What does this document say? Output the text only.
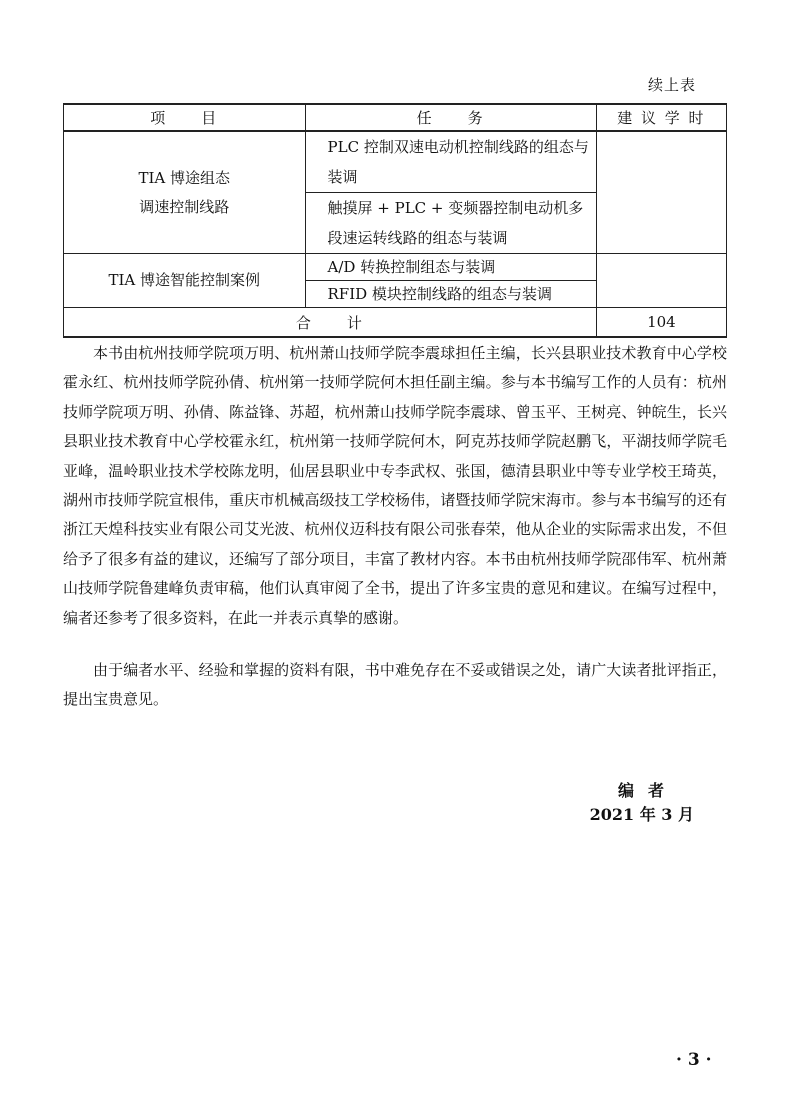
续上表
项　　目	任　　务	建 议 学 时

TIA 博途组态
调速控制线路	PLC 控制双速电动机控制线路的组态与装调	
	触摸屏 + PLC + 变频器控制电动机多段速运转线路的组态与装调	
TIA 博途智能控制案例	A/D 转换控制组态与装调	
	RFID 模块控制线路的组态与装调	
合　　计		104

本书由杭州技师学院项万明、杭州萧山技师学院李震球担任主编，长兴县职业技术教育中心学校霍永红、杭州技师学院孙倩、杭州第一技师学院何木担任副主编。参与本书编写工作的人员有：杭州技师学院项万明、孙倩、陈益锋、苏超，杭州萧山技师学院李震球、曾玉平、王树亮、钟皖生，长兴县职业技术教育中心学校霍永红，杭州第一技师学院何木，阿克苏技师学院赵鹏飞，平湖技师学院毛亚峰，温岭职业技术学校陈龙明，仙居县职业中专李武权、张国，德清县职业中等专业学校王琦英，湖州市技师学院宣根伟，重庆市机械高级技工学校杨伟，诸暨技师学院宋海市。参与本书编写的还有浙江天煌科技实业有限公司艾光波、杭州仪迈科技有限公司张春荣，他从企业的实际需求出发，不但给予了很多有益的建议，还编写了部分项目，丰富了教材内容。本书由杭州技师学院邵伟军、杭州萧山技师学院鲁建峰负责审稿，他们认真审阅了全书，提出了许多宝贵的意见和建议。在编写过程中，编者还参考了很多资料，在此一并表示真挚的感谢。

由于编者水平、经验和掌握的资料有限，书中难免存在不妥或错误之处，请广大读者批评指正，提出宝贵意见。

编者
2021 年 3 月
· 3 ·
